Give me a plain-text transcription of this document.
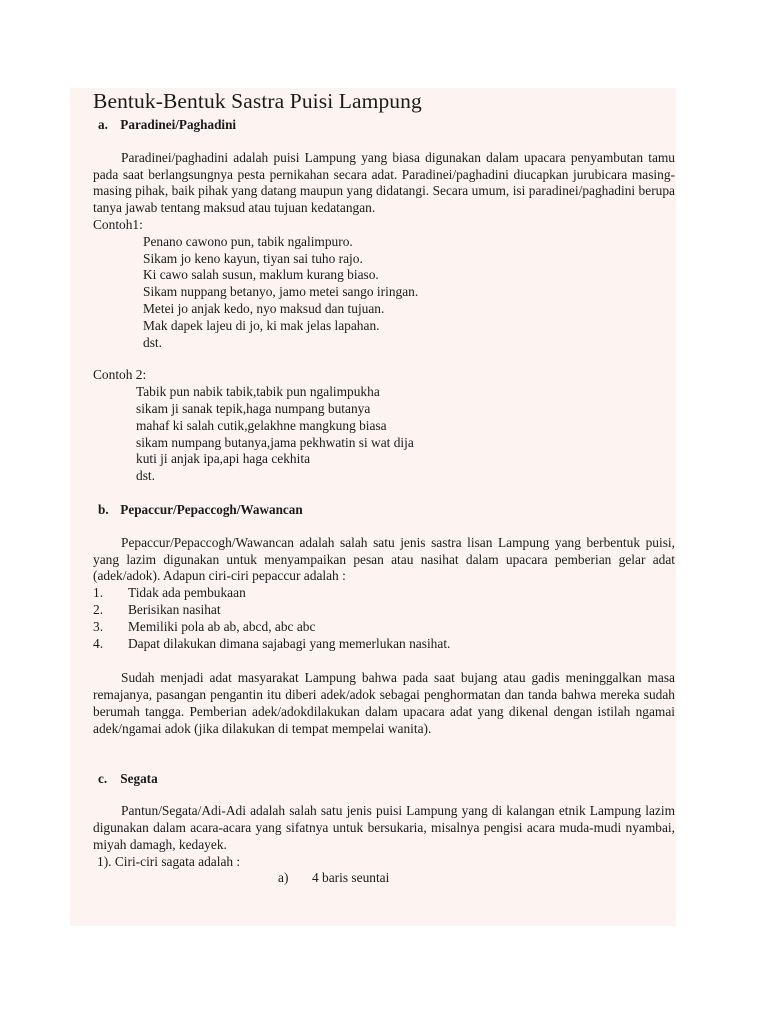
Bentuk-Bentuk Sastra Puisi Lampung
a. Paradinei/Paghadini

Paradinei/paghadini adalah puisi Lampung yang biasa digunakan dalam upacara penyambutan tamu pada saat berlangsungnya pesta pernikahan secara adat. Paradinei/paghadini diucapkan jurubicara masing-masing pihak, baik pihak yang datang maupun yang didatangi. Secara umum, isi paradinei/paghadini berupa tanya jawab tentang maksud atau tujuan kedatangan.

Contoh1:
Penano cawono pun, tabik ngalimpuro.
Sikam jo keno kayun, tiyan sai tuho rajo.
Ki cawo salah susun, maklum kurang biaso.
Sikam nuppang betanyo, jamo metei sango iringan.
Metei jo anjak kedo, nyo maksud dan tujuan.
Mak dapek lajeu di jo, ki mak jelas lapahan.
dst.
Contoh 2:
Tabik pun nabik tabik,tabik pun ngalimpukha
sikam ji sanak tepik,haga numpang butanya
mahaf ki salah cutik,gelakhne mangkung biasa
sikam numpang butanya,jama pekhwatin si wat dija
kuti ji anjak ipa,api haga cekhita
dst.
b. Pepaccur/Pepaccogh/Wawancan

Pepaccur/Pepaccogh/Wawancan adalah salah satu jenis sastra lisan Lampung yang berbentuk puisi, yang lazim digunakan untuk menyampaikan pesan atau nasihat dalam upacara pemberian gelar adat (adek/adok). Adapun ciri-ciri pepaccur adalah :

1. Tidak ada pembukaan
2. Berisikan nasihat
3. Memiliki pola ab ab, abcd, abc abc
4. Dapat dilakukan dimana sajabagi yang memerlukan nasihat.

Sudah menjadi adat masyarakat Lampung bahwa pada saat bujang atau gadis meninggalkan masa remajanya, pasangan pengantin itu diberi adek/adok sebagai penghormatan dan tanda bahwa mereka sudah berumah tangga. Pemberian adek/adokdilakukan dalam upacara adat yang dikenal dengan istilah ngamai adek/ngamai adok (jika dilakukan di tempat mempelai wanita).

c. Segata

Pantun/Segata/Adi-Adi adalah salah satu jenis puisi Lampung yang di kalangan etnik Lampung lazim digunakan dalam acara-acara yang sifatnya untuk bersukaria, misalnya pengisi acara muda-mudi nyambai, miyah damagh, kedayek.

1). Ciri-ciri sagata adalah :
a) 4 baris seuntai
